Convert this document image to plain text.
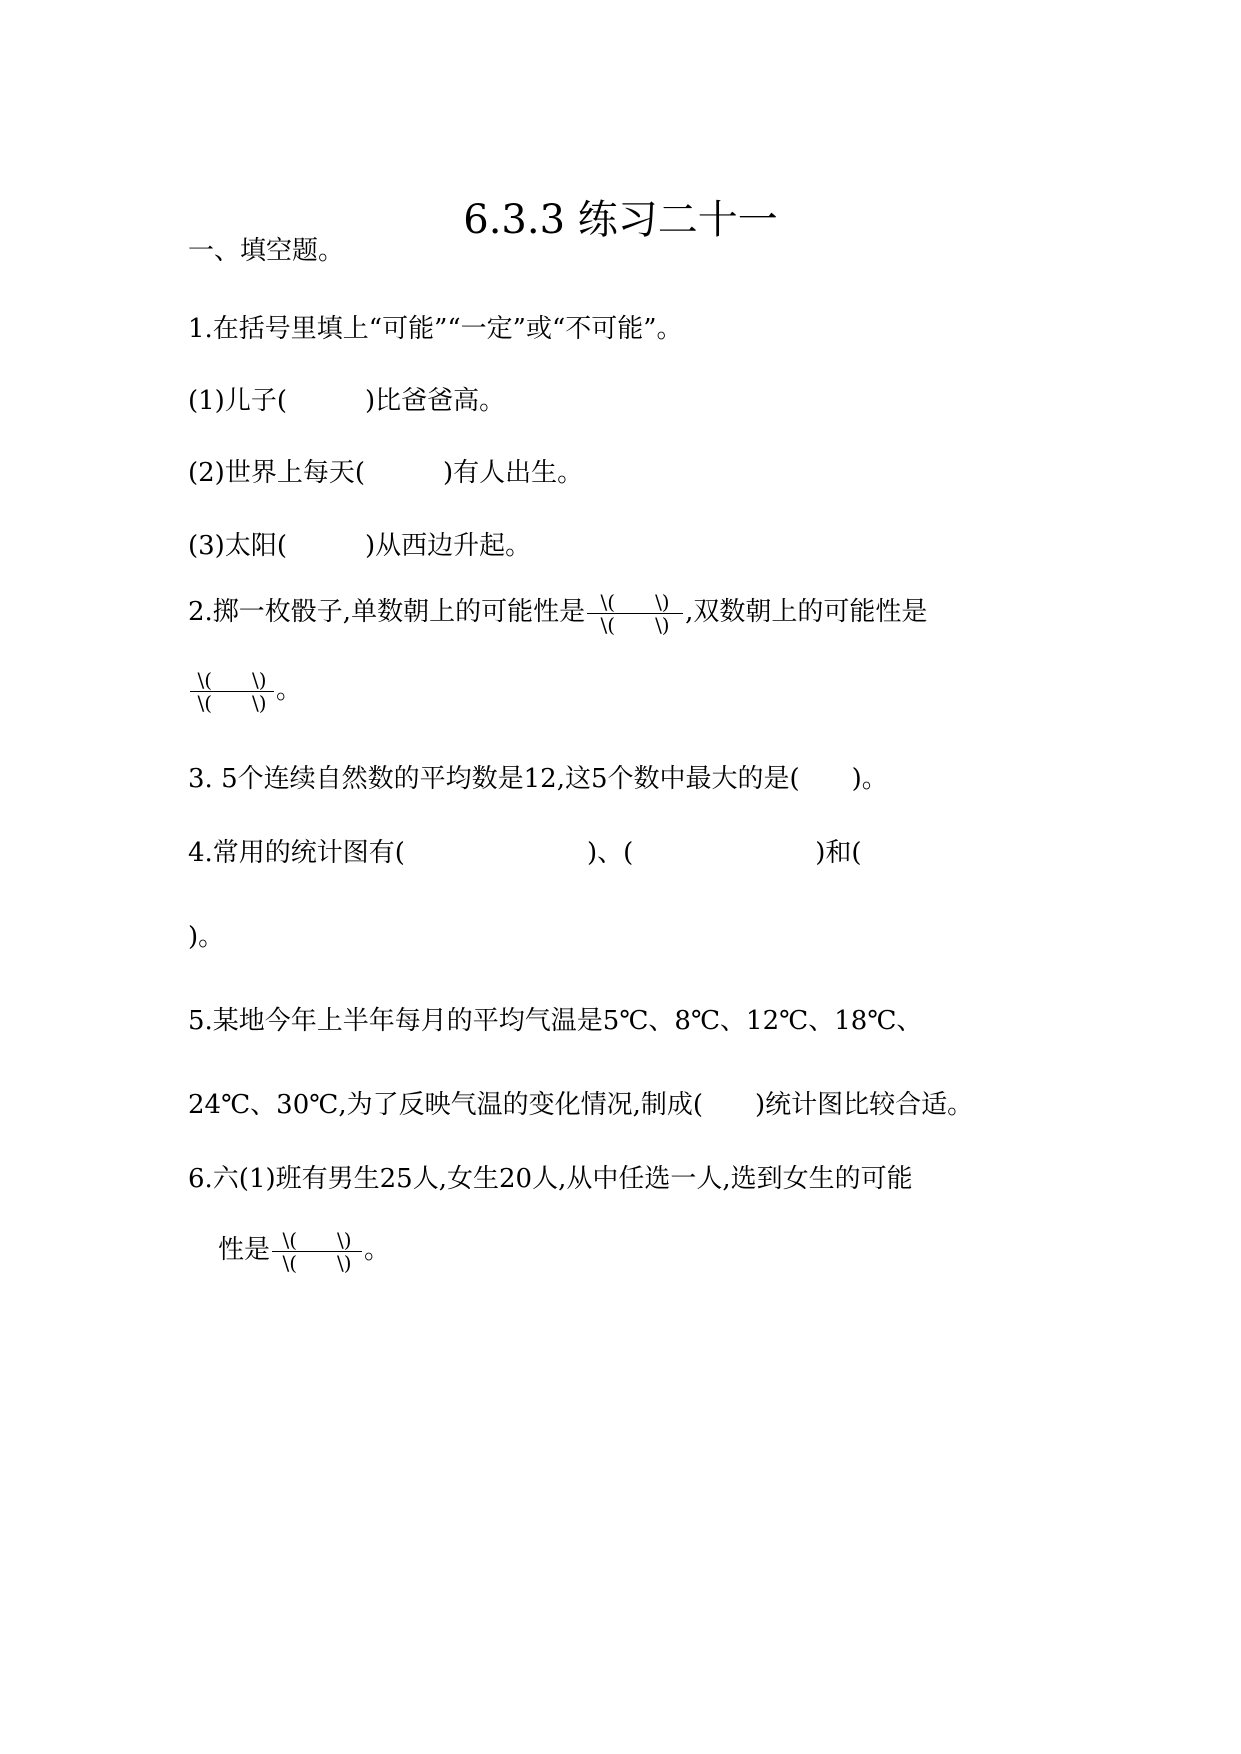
6.3.3 练习二十一
一、填空题。
1.在括号里填上“可能”“一定”或“不可能”。
(1)儿子(　　　)比爸爸高。
(2)世界上每天(　　　)有人出生。
(3)太阳(　　　)从西边升起。
2.掷一枚骰子,单数朝上的可能性是 $\frac{\backslash( \backslash)}{\backslash( \backslash)}$ ,双数朝上的可能性是
$\frac{\backslash( \backslash)}{\backslash( \backslash)}$ 。
3. 5个连续自然数的平均数是12,这5个数中最大的是(　　)。
4.常用的统计图有(　　　　　　　)、(　　　　　　　)和(
)。
5.某地今年上半年每月的平均气温是5℃、8℃、12℃、18℃、
24℃、30℃,为了反映气温的变化情况,制成(　　)统计图比较合适。
6.六(1)班有男生25人,女生20人,从中任选一人,选到女生的可能
性是 $\frac{\backslash( \backslash)}{\backslash( \backslash)}$ 。
